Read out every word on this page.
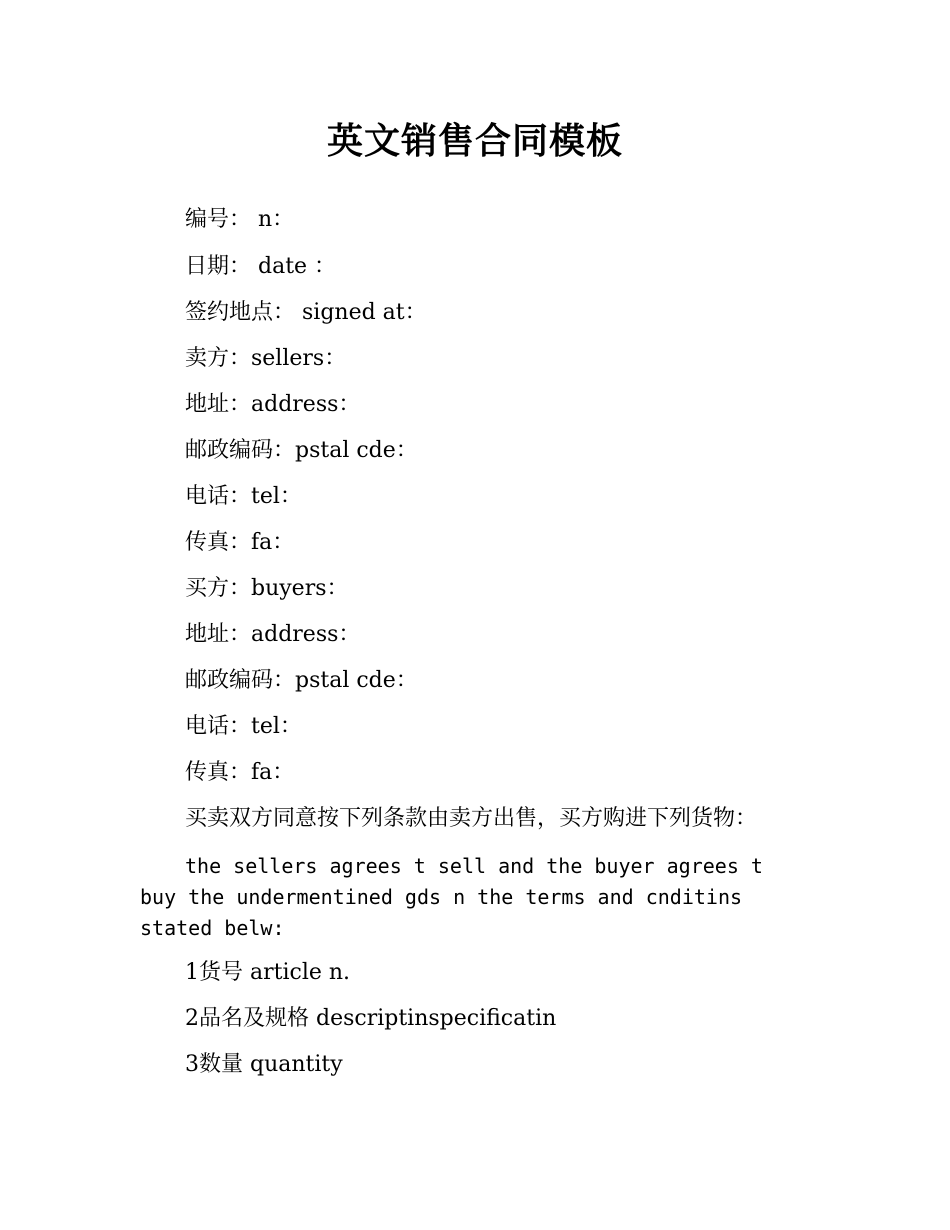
英文销售合同模板
编号： n：
日期： date ：
签约地点： signed at：
卖方：sellers：
地址：address：
邮政编码：pstal cde：
电话：tel：
传真：fa：
买方：buyers：
地址：address：
邮政编码：pstal cde：
电话：tel：
传真：fa：
买卖双方同意按下列条款由卖方出售，买方购进下列货物：
the sellers agrees t sell and the buyer agrees t buy the undermentined gds n the terms and cnditins stated belw:
1货号 article n.
2品名及规格 descriptinspecificatin
3数量 quantity
